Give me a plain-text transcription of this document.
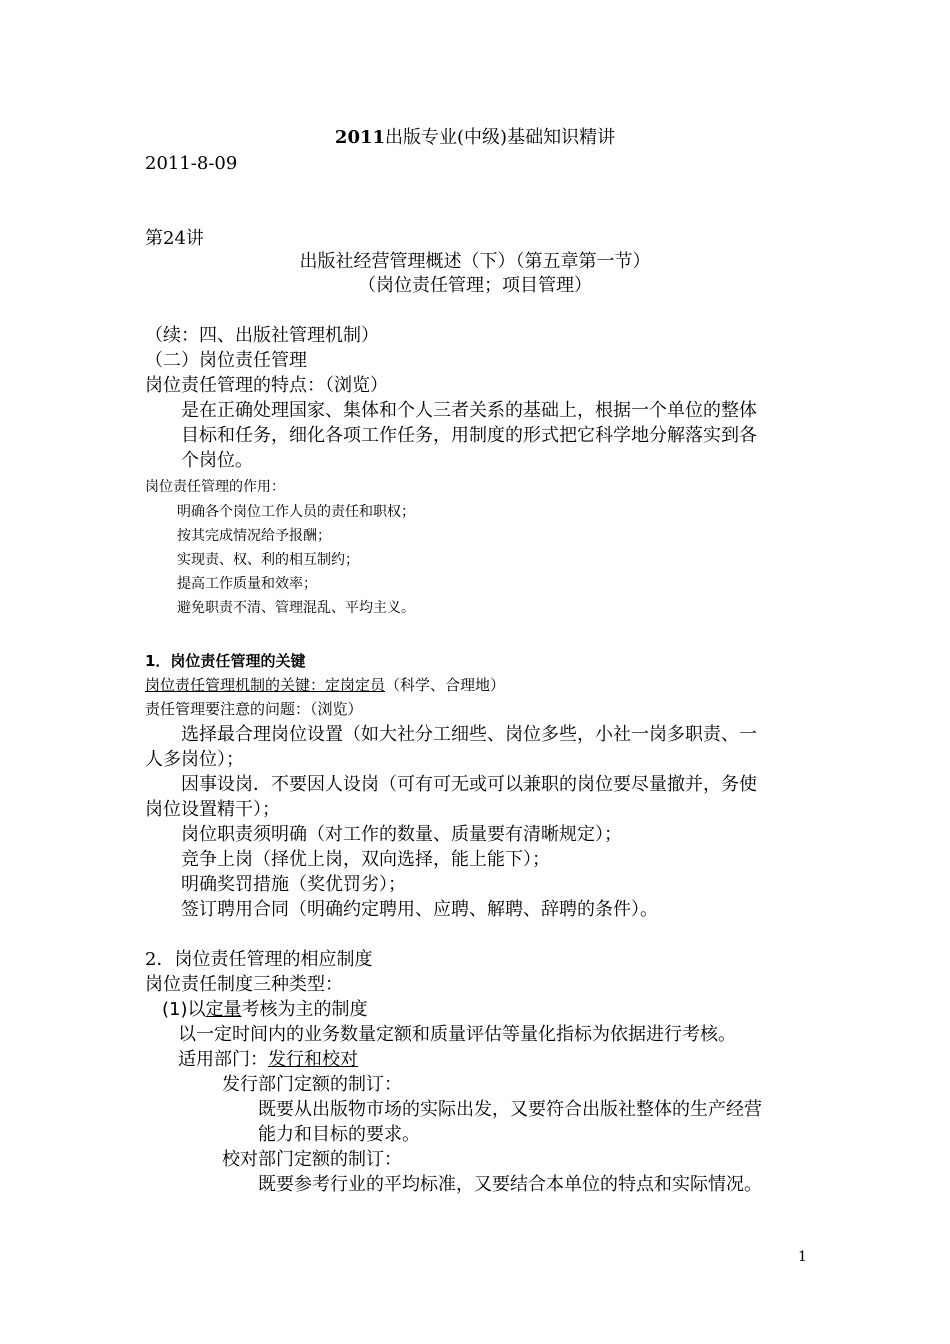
2011出版专业(中级)基础知识精讲
2011-8-09
第24讲
出版社经营管理概述（下）（第五章第一节）
（岗位责任管理；项目管理）
（续：四、出版社管理机制）
（二）岗位责任管理
岗位责任管理的特点：（浏览）
是在正确处理国家、集体和个人三者关系的基础上，根据一个单位的整体
目标和任务，细化各项工作任务，用制度的形式把它科学地分解落实到各
个岗位。
岗位责任管理的作用：
明确各个岗位工作人员的责任和职权；
按其完成情况给予报酬；
实现责、权、利的相互制约；
提高工作质量和效率；
避免职责不清、管理混乱、平均主义。
1．岗位责任管理的关键
岗位责任管理机制的关键：定岗定员（科学、合理地）
责任管理要注意的问题：（浏览）
选择最合理岗位设置（如大社分工细些、岗位多些，小社一岗多职责、一
人多岗位）；
因事设岗．不要因人设岗（可有可无或可以兼职的岗位要尽量撤并，务使
岗位设置精干）；
岗位职责须明确（对工作的数量、质量要有清晰规定）；
竞争上岗（择优上岗，双向选择，能上能下）；
明确奖罚措施（奖优罚劣）；
签订聘用合同（明确约定聘用、应聘、解聘、辞聘的条件）。
2．岗位责任管理的相应制度
岗位责任制度三种类型：
(1)以定量考核为主的制度
以一定时间内的业务数量定额和质量评估等量化指标为依据进行考核。
适用部门：发行和校对
发行部门定额的制订：
既要从出版物市场的实际出发，又要符合出版社整体的生产经营
能力和目标的要求。
校对部门定额的制订：
既要参考行业的平均标准，又要结合本单位的特点和实际情况。
1
